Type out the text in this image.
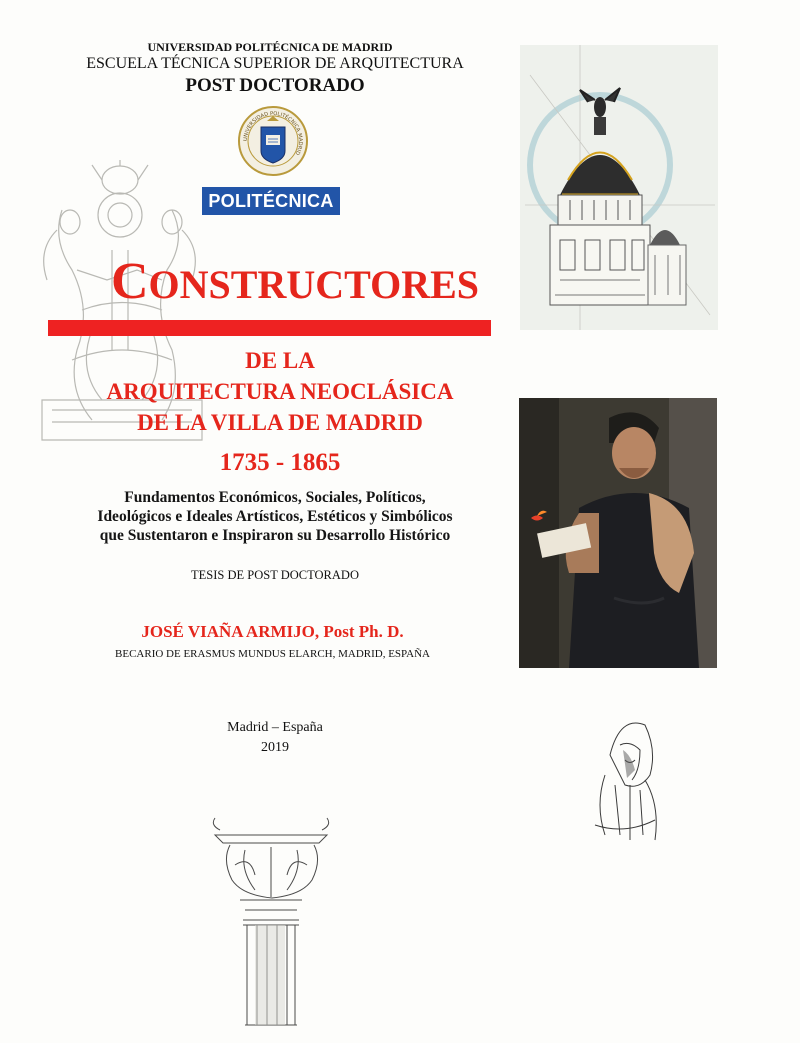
UNIVERSIDAD POLITÉCNICA DE MADRID
ESCUELA TÉCNICA SUPERIOR DE ARQUITECTURA
POST DOCTORADO
UNIVERSIDAD POLITÉCNICA MADRID
POLITÉCNICA
CONSTRUCTORES
DE LA
ARQUITECTURA NEOCLÁSICA
DE LA VILLA DE MADRID
1735 - 1865
Fundamentos Económicos, Sociales, Políticos,
Ideológicos e Ideales Artísticos, Estéticos y Simbólicos
que Sustentaron e Inspiraron su Desarrollo Histórico
TESIS DE POST DOCTORADO
JOSÉ VIAÑA ARMIJO, Post Ph. D.
BECARIO DE ERASMUS MUNDUS ELARCH, MADRID, ESPAÑA
Madrid – España
2019
